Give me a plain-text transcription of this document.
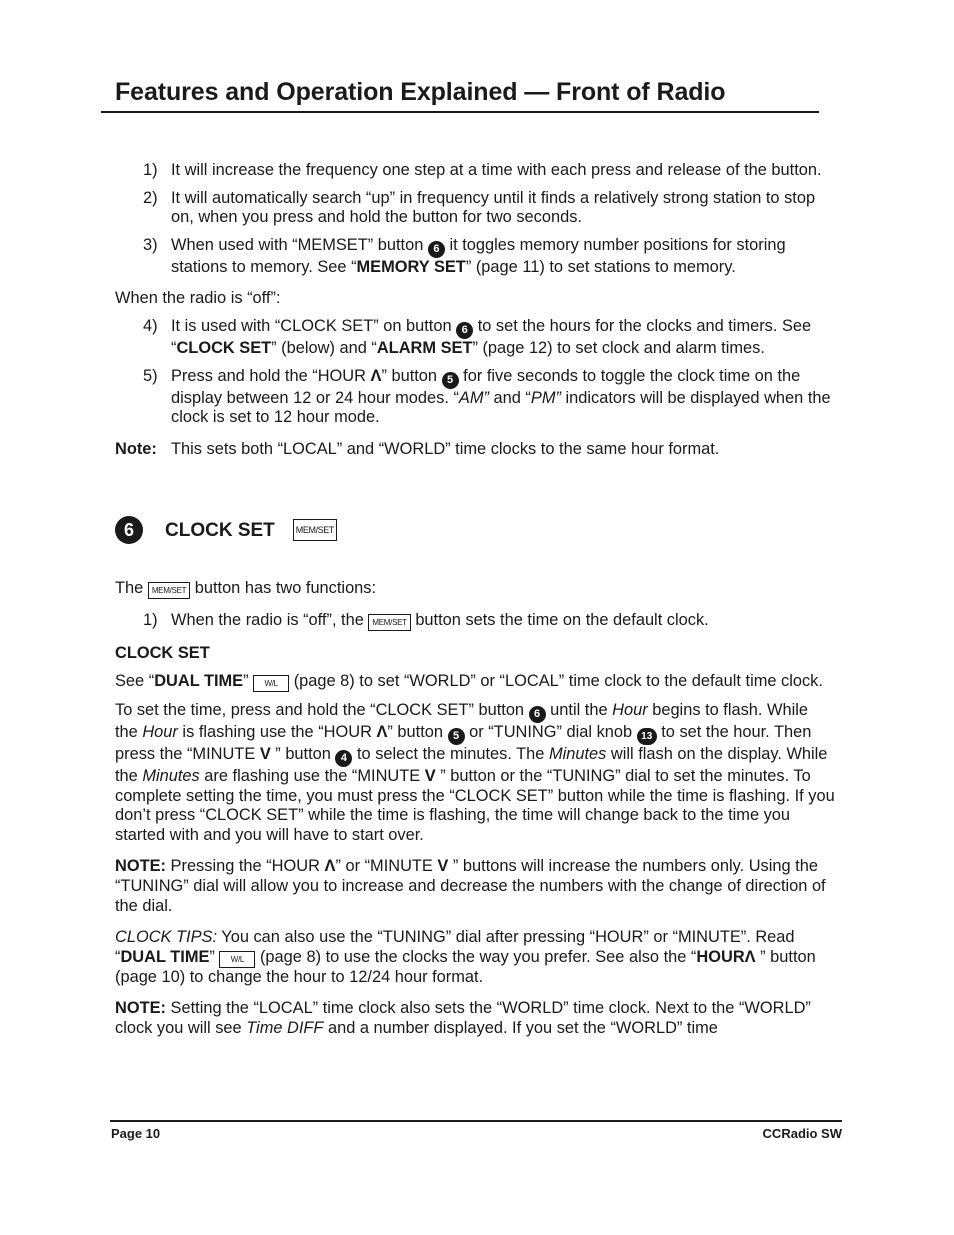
Features and Operation Explained — Front of Radio
1) It will increase the frequency one step at a time with each press and release of the button.
2) It will automatically search “up” in frequency until it finds a relatively strong station to stop on, when you press and hold the button for two seconds.
3) When used with “MEMSET” button 6 it toggles memory number positions for storing stations to memory. See “MEMORY SET” (page 11) to set stations to memory.

When the radio is “off”:

4) It is used with “CLOCK SET” on button 6 to set the hours for the clocks and timers. See “CLOCK SET” (below) and “ALARM SET” (page 12) to set clock and alarm times.
5) Press and hold the “HOUR Λ” button 5 for five seconds to toggle the clock time on the display between 12 or 24 hour modes. “AM” and “PM” indicators will be displayed when the clock is set to 12 hour mode.
Note: This sets both “LOCAL” and “WORLD” time clocks to the same hour format.
6	CLOCK SET	MEM/SET

The MEM/SET button has two functions:

1) When the radio is “off”, the MEM/SET button sets the time on the default clock.

CLOCK SET

See “DUAL TIME” W/L (page 8) to set “WORLD” or “LOCAL” time clock to the default time clock.

To set the time, press and hold the “CLOCK SET” button 6 until the Hour begins to flash. While the Hour is flashing use the “HOUR Λ” button 5 or “TUNING” dial knob 13 to set the hour. Then press the “MINUTE V ” button 4 to select the minutes. The Minutes will flash on the display. While the Minutes are flashing use the “MINUTE V ” button or the “TUNING” dial to set the minutes. To complete setting the time, you must press the “CLOCK SET” button while the time is flashing. If you don’t press “CLOCK SET” while the time is flashing, the time will change back to the time you started with and you will have to start over.

NOTE: Pressing the “HOUR Λ” or “MINUTE V ” buttons will increase the numbers only. Using the “TUNING” dial will allow you to increase and decrease the numbers with the change of direction of the dial.

CLOCK TIPS: You can also use the “TUNING” dial after pressing “HOUR” or “MINUTE”. Read “DUAL TIME” W/L (page 8) to use the clocks the way you prefer. See also the “HOURΛ ” button (page 10) to change the hour to 12/24 hour format.

NOTE: Setting the “LOCAL” time clock also sets the “WORLD” time clock. Next to the “WORLD” clock you will see Time DIFF and a number displayed. If you set the “WORLD” time

Page 10	CCRadio SW
